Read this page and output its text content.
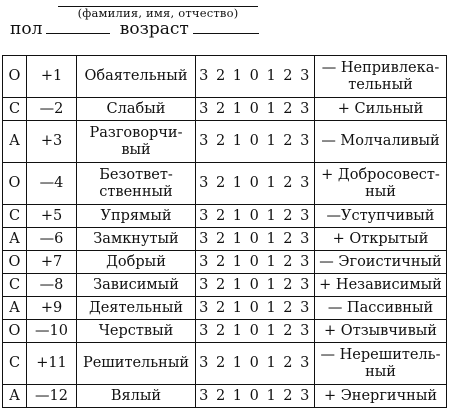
(фамилия, имя, отчество)
пол	возраст
О	+1	Обаятельный	3 2 1 0 1 2 3	— Непривлека-тельный
С	—2	Слабый	3 2 1 0 1 2 3	+ Сильный
А	+3	Разговорчи-вый	3 2 1 0 1 2 3	— Молчаливый
О	—4	Безответ-ственный	3 2 1 0 1 2 3	+ Добросовест-ный
С	+5	Упрямый	3 2 1 0 1 2 3	—Уступчивый
А	—6	Замкнутый	3 2 1 0 1 2 3	+ Открытый
О	+7	Добрый	3 2 1 0 1 2 3	— Эгоистичный
С	—8	Зависимый	3 2 1 0 1 2 3	+ Независимый
А	+9	Деятельный	3 2 1 0 1 2 3	— Пассивный
О	—10	Черствый	3 2 1 0 1 2 3	+ Отзывчивый
С	+11	Решительный	3 2 1 0 1 2 3	— Нерешитель-ный
А	—12	Вялый	3 2 1 0 1 2 3	+ Энергичный
